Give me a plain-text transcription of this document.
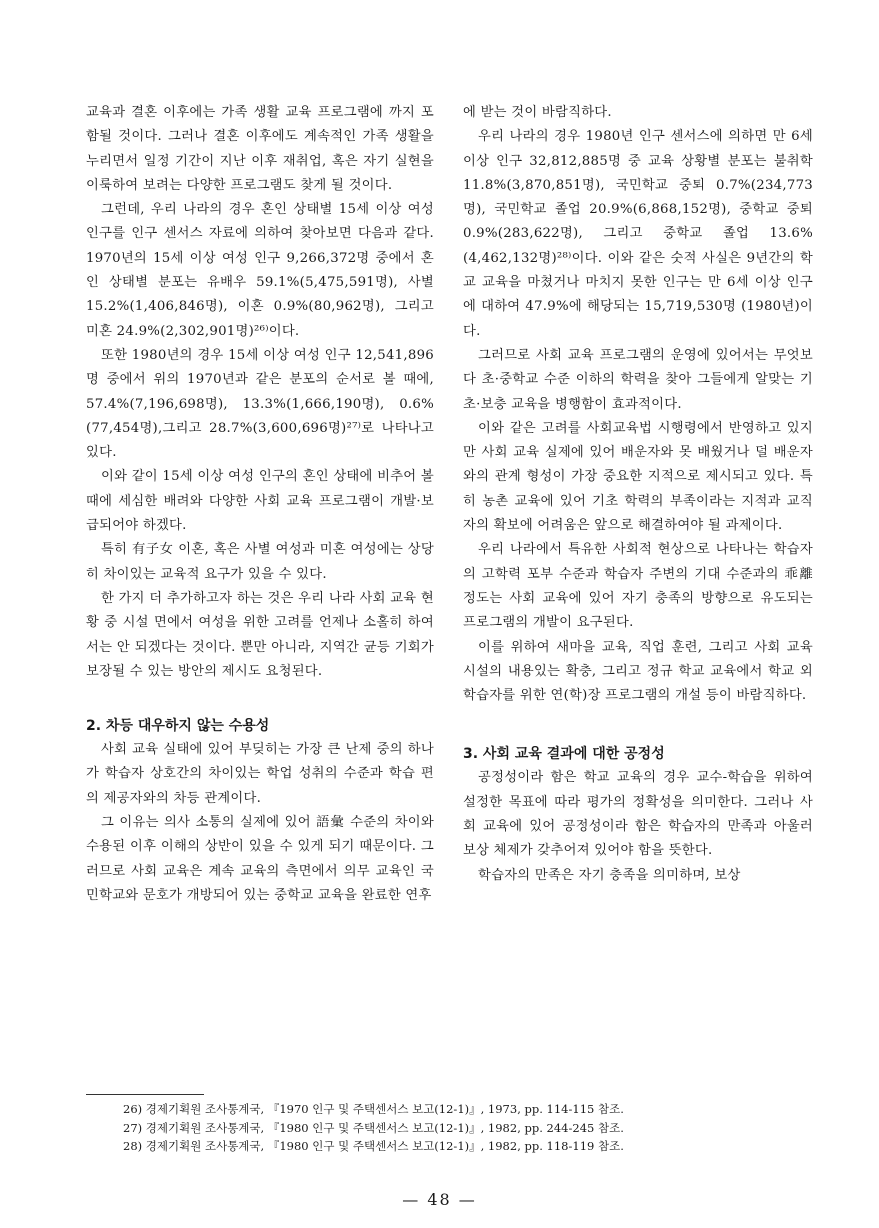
교육과 결혼 이후에는 가족 생활 교육 프로그램에 까지 포함될 것이다. 그러나 결혼 이후에도 계속적인 가족 생활을 누리면서 일정 기간이 지난 이후 재취업, 혹은 자기 실현을 이룩하여 보려는 다양한 프로그램도 찾게 될 것이다.

그런데, 우리 나라의 경우 혼인 상태별 15세 이상 여성 인구를 인구 센서스 자료에 의하여 찾아보면 다음과 같다. 1970년의 15세 이상 여성 인구 9,266,372명 중에서 혼인 상태별 분포는 유배우 59.1%(5,475,591명), 사별 15.2%(1,406,846명), 이혼 0.9%(80,962명), 그리고 미혼 24.9%(2,302,901명)²⁶⁾이다.

또한 1980년의 경우 15세 이상 여성 인구 12,541,896명 중에서 위의 1970년과 같은 분포의 순서로 볼 때에, 57.4%(7,196,698명), 13.3%(1,666,190명), 0.6%(77,454명),그리고 28.7%(3,600,696명)²⁷⁾로 나타나고 있다.

이와 같이 15세 이상 여성 인구의 혼인 상태에 비추어 볼 때에 세심한 배려와 다양한 사회 교육 프로그램이 개발·보급되어야 하겠다.

특히 有子女 이혼, 혹은 사별 여성과 미혼 여성에는 상당히 차이있는 교육적 요구가 있을 수 있다.

한 가지 더 추가하고자 하는 것은 우리 나라 사회 교육 현황 중 시설 면에서 여성을 위한 고려를 언제나 소홀히 하여서는 안 되겠다는 것이다. 뿐만 아니라, 지역간 균등 기회가 보장될 수 있는 방안의 제시도 요청된다.

2. 차등 대우하지 않는 수용성

사회 교육 실태에 있어 부딪히는 가장 큰 난제 중의 하나가 학습자 상호간의 차이있는 학업 성취의 수준과 학습 편의 제공자와의 차등 관계이다.

그 이유는 의사 소통의 실제에 있어 語彙 수준의 차이와 수용된 이후 이해의 상반이 있을 수 있게 되기 때문이다. 그러므로 사회 교육은 계속 교육의 측면에서 의무 교육인 국민학교와 문호가 개방되어 있는 중학교 교육을 완료한 연후

에 받는 것이 바람직하다.

우리 나라의 경우 1980년 인구 센서스에 의하면 만 6세 이상 인구 32,812,885명 중 교육 상황별 분포는 불취학 11.8%(3,870,851명), 국민학교 중퇴 0.7%(234,773명), 국민학교 졸업 20.9%(6,868,152명), 중학교 중퇴 0.9%(283,622명), 그리고 중학교 졸업 13.6%(4,462,132명)²⁸⁾이다. 이와 같은 숫적 사실은 9년간의 학교 교육을 마쳤거나 마치지 못한 인구는 만 6세 이상 인구에 대하여 47.9%에 해당되는 15,719,530명 (1980년)이다.

그러므로 사회 교육 프로그램의 운영에 있어서는 무엇보다 초·중학교 수준 이하의 학력을 찾아 그들에게 알맞는 기초·보충 교육을 병행함이 효과적이다.

이와 같은 고려를 사회교육법 시행령에서 반영하고 있지만 사회 교육 실제에 있어 배운자와 못 배웠거나 덜 배운자와의 관계 형성이 가장 중요한 지적으로 제시되고 있다. 특히 농촌 교육에 있어 기초 학력의 부족이라는 지적과 교직자의 확보에 어려움은 앞으로 해결하여야 될 과제이다.

우리 나라에서 특유한 사회적 현상으로 나타나는 학습자의 고학력 포부 수준과 학습자 주변의 기대 수준과의 乖離 정도는 사회 교육에 있어 자기 충족의 방향으로 유도되는 프로그램의 개발이 요구된다.

이를 위하여 새마을 교육, 직업 훈련, 그리고 사회 교육 시설의 내용있는 확충, 그리고 정규 학교 교육에서 학교 외 학습자를 위한 연(학)장 프로그램의 개설 등이 바람직하다.

3. 사회 교육 결과에 대한 공정성

공정성이라 함은 학교 교육의 경우 교수-학습을 위하여 설정한 목표에 따라 평가의 정확성을 의미한다. 그러나 사회 교육에 있어 공정성이라 함은 학습자의 만족과 아울러 보상 체제가 갖추어져 있어야 함을 뜻한다.

학습자의 만족은 자기 충족을 의미하며, 보상

26) 경제기획원 조사통계국, 『1970 인구 및 주택센서스 보고(12-1)』, 1973, pp. 114-115 참조.

27) 경제기획원 조사통계국, 『1980 인구 및 주택센서스 보고(12-1)』, 1982, pp. 244-245 참조.

28) 경제기획원 조사통계국, 『1980 인구 및 주택센서스 보고(12-1)』, 1982, pp. 118-119 참조.

— 48 —
